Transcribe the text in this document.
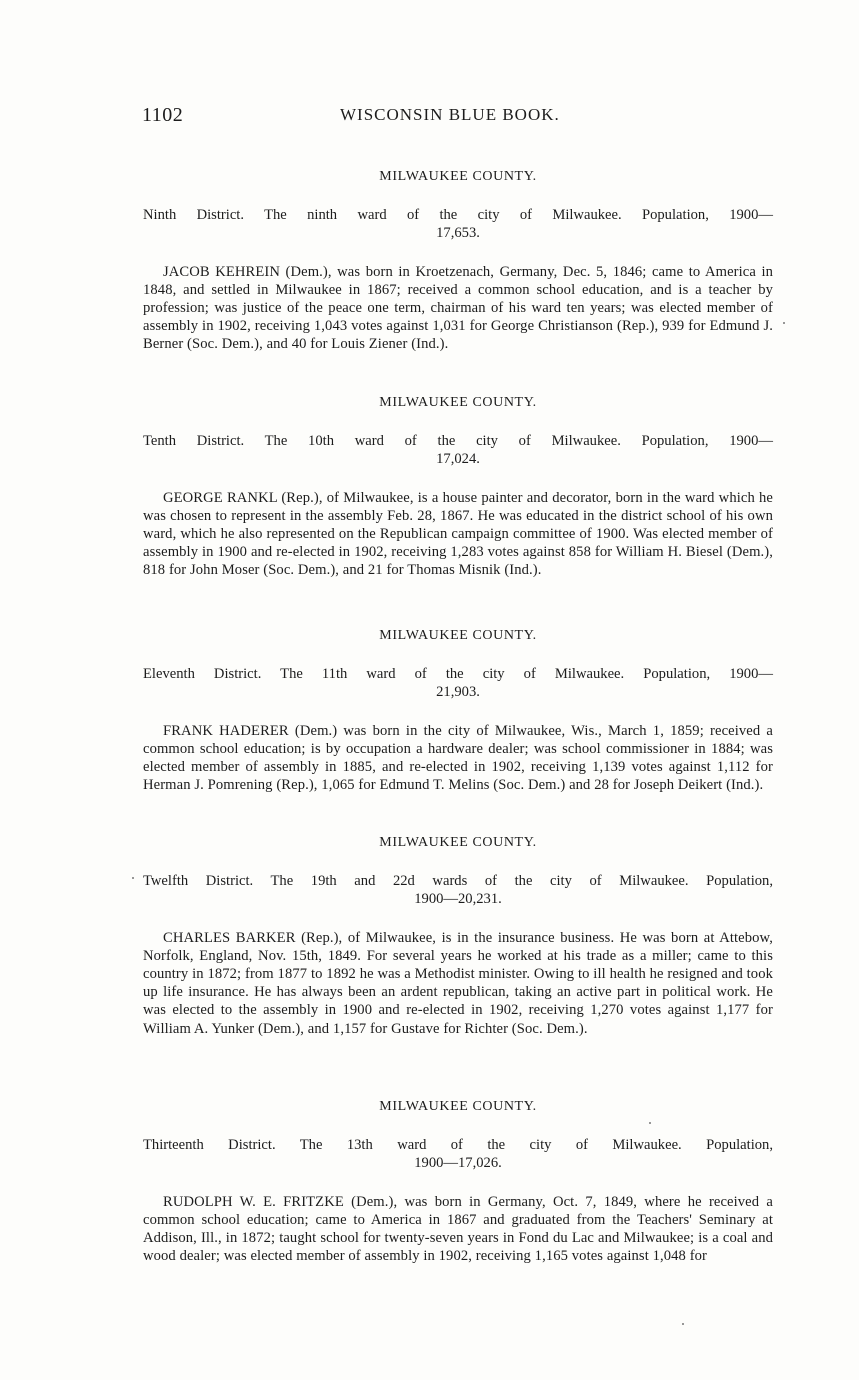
1102	WISCONSIN BLUE BOOK.
MILWAUKEE COUNTY.
Ninth District. The ninth ward of the city of Milwaukee. Population, 1900—
17,653.

JACOB KEHREIN (Dem.), was born in Kroetzenach, Germany, Dec. 5, 1846; came to America in 1848, and settled in Milwaukee in 1867; received a common school education, and is a teacher by profession; was justice of the peace one term, chairman of his ward ten years; was elected member of assembly in 1902, receiving 1,043 votes against 1,031 for George Christianson (Rep.), 939 for Edmund J. Berner (Soc. Dem.), and 40 for Louis Ziener (Ind.).

MILWAUKEE COUNTY.
Tenth District. The 10th ward of the city of Milwaukee. Population, 1900—
17,024.

GEORGE RANKL (Rep.), of Milwaukee, is a house painter and decorator, born in the ward which he was chosen to represent in the assembly Feb. 28, 1867. He was educated in the district school of his own ward, which he also represented on the Republican campaign committee of 1900. Was elected member of assembly in 1900 and re-elected in 1902, receiving 1,283 votes against 858 for William H. Biesel (Dem.), 818 for John Moser (Soc. Dem.), and 21 for Thomas Misnik (Ind.).

MILWAUKEE COUNTY.
Eleventh District. The 11th ward of the city of Milwaukee. Population, 1900—
21,903.

FRANK HADERER (Dem.) was born in the city of Milwaukee, Wis., March 1, 1859; received a common school education; is by occupation a hardware dealer; was school commissioner in 1884; was elected member of assembly in 1885, and re-elected in 1902, receiving 1,139 votes against 1,112 for Herman J. Pomrening (Rep.), 1,065 for Edmund T. Melins (Soc. Dem.) and 28 for Joseph Deikert (Ind.).

MILWAUKEE COUNTY.
Twelfth District. The 19th and 22d wards of the city of Milwaukee. Population,
1900—20,231.

CHARLES BARKER (Rep.), of Milwaukee, is in the insurance business. He was born at Attebow, Norfolk, England, Nov. 15th, 1849. For several years he worked at his trade as a miller; came to this country in 1872; from 1877 to 1892 he was a Methodist minister. Owing to ill health he resigned and took up life insurance. He has always been an ardent republican, taking an active part in political work. He was elected to the assembly in 1900 and re-elected in 1902, receiving 1,270 votes against 1,177 for William A. Yunker (Dem.), and 1,157 for Gustave for Richter (Soc. Dem.).

MILWAUKEE COUNTY.
Thirteenth District. The 13th ward of the city of Milwaukee. Population,
1900—17,026.

RUDOLPH W. E. FRITZKE (Dem.), was born in Germany, Oct. 7, 1849, where he received a common school education; came to America in 1867 and graduated from the Teachers' Seminary at Addison, Ill., in 1872; taught school for twenty-seven years in Fond du Lac and Milwaukee; is a coal and wood dealer; was elected member of assembly in 1902, receiving 1,165 votes against 1,048 for
